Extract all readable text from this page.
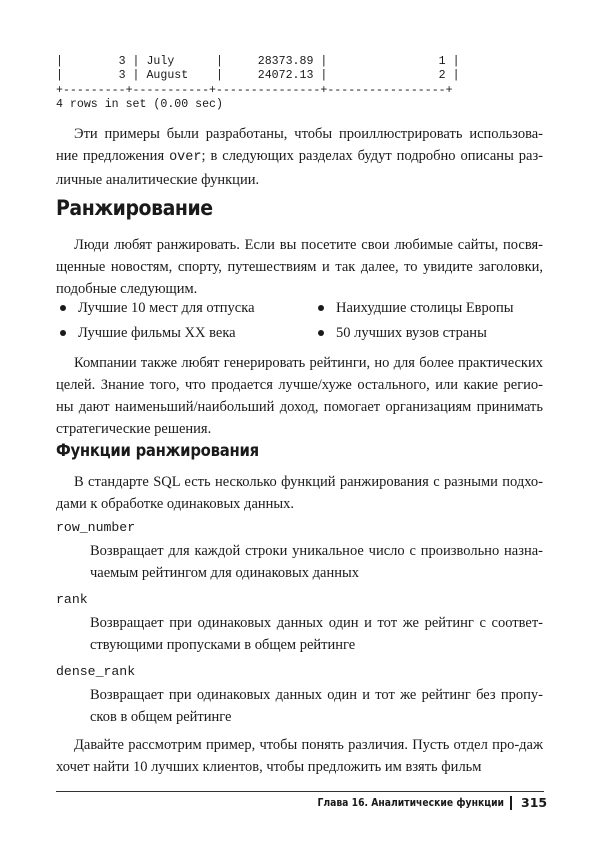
|        3 | July      |     28373.89 |                1 |
|        3 | August    |     24072.13 |                2 |
+---------+-----------+---------------+-----------------+
4 rows in set (0.00 sec)

Эти примеры были разработаны, чтобы проиллюстрировать использова-ние предложения over; в следующих разделах будут подробно описаны раз-личные аналитические функции.

Ранжирование

Люди любят ранжировать. Если вы посетите свои любимые сайты, посвя-щенные новостям, спорту, путешествиям и так далее, то увидите заголовки, подобные следующим.

Лучшие 10 мест для отпуска	Наихудшие столицы Европы
Лучшие фильмы XX века	50 лучших вузов страны

Компании также любят генерировать рейтинги, но для более практических целей. Знание того, что продается лучше/хуже остального, или какие регио-ны дают наименьший/наибольший доход, помогает организациям принимать стратегические решения.

Функции ранжирования

В стандарте SQL есть несколько функций ранжирования с разными подхо-дами к обработке одинаковых данных.

row_number

Возвращает для каждой строки уникальное число с произвольно назна-чаемым рейтингом для одинаковых данных

rank

Возвращает при одинаковых данных один и тот же рейтинг с соответ-ствующими пропусками в общем рейтинге

dense_rank

Возвращает при одинаковых данных один и тот же рейтинг без пропу-сков в общем рейтинге

Давайте рассмотрим пример, чтобы понять различия. Пусть отдел про-даж хочет найти 10 лучших клиентов, чтобы предложить им взять фильм

Глава 16. Аналитические функции 315
